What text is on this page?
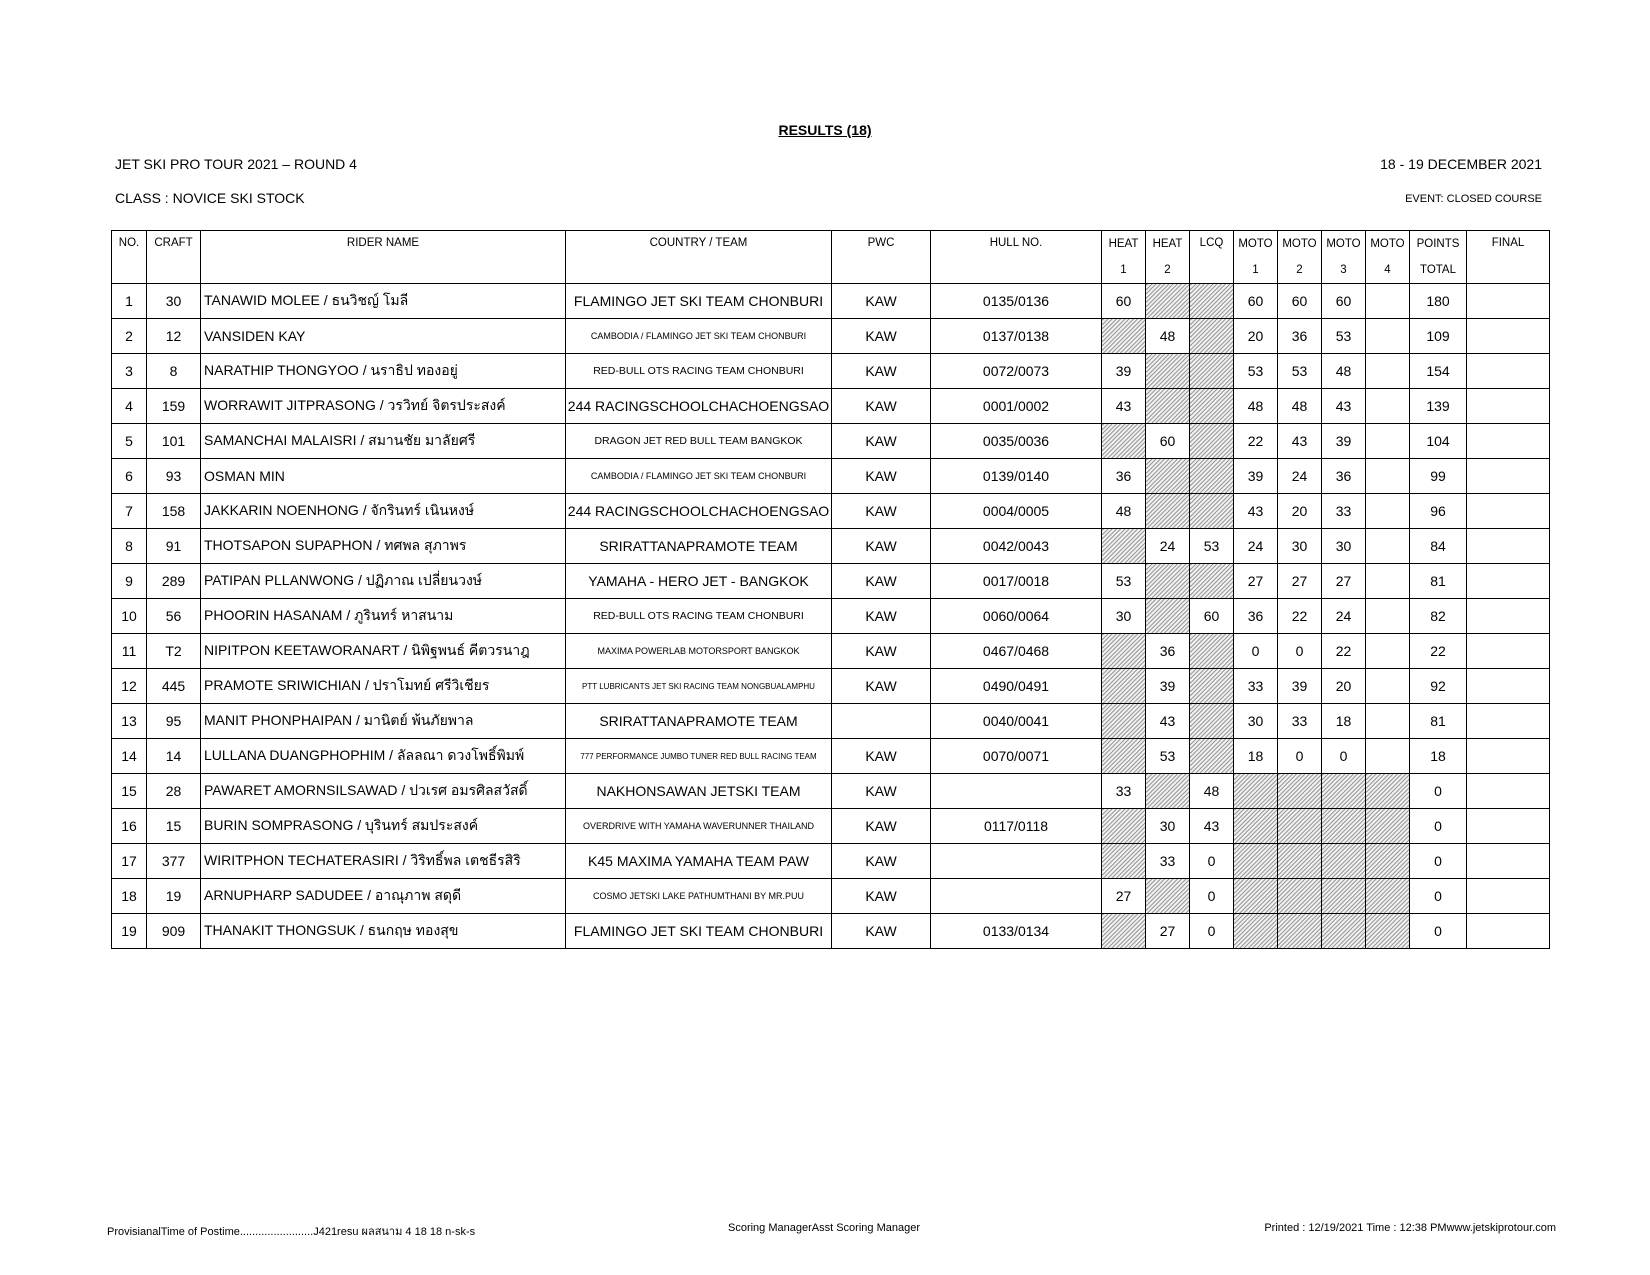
RESULTS (18)
JET SKI PRO TOUR 2021 – ROUND 4	18 - 19 DECEMBER 2021
CLASS : NOVICE SKI STOCK	EVENT: CLOSED COURSE
NO.	CRAFT	RIDER NAME	COUNTRY / TEAM	PWC	HULL NO.	HEAT	HEAT	LCQ	MOTO	MOTO	MOTO	MOTO	POINTS	FINAL
						1	2		1	2	3	4	TOTAL	
1	30	TANAWID MOLEE / ธนวิชญ์ โมลี	FLAMINGO JET SKI TEAM CHONBURI	KAW	0135/0136	60			60	60	60		180	
2	12	VANSIDEN KAY	CAMBODIA / FLAMINGO JET SKI TEAM CHONBURI	KAW	0137/0138		48		20	36	53		109	
3	8	NARATHIP THONGYOO / นราธิป ทองอยู่	RED-BULL OTS RACING TEAM CHONBURI	KAW	0072/0073	39			53	53	48		154	
4	159	WORRAWIT JITPRASONG / วรวิทย์ จิตรประสงค์	244 RACINGSCHOOLCHACHOENGSAO	KAW	0001/0002	43			48	48	43		139	
5	101	SAMANCHAI MALAISRI / สมานชัย มาลัยศรี	DRAGON JET RED BULL TEAM BANGKOK	KAW	0035/0036		60		22	43	39		104	
6	93	OSMAN MIN	CAMBODIA / FLAMINGO JET SKI TEAM CHONBURI	KAW	0139/0140	36			39	24	36		99	
7	158	JAKKARIN NOENHONG / จักรินทร์ เนินหงษ์	244 RACINGSCHOOLCHACHOENGSAO	KAW	0004/0005	48			43	20	33		96	
8	91	THOTSAPON SUPAPHON / ทศพล สุภาพร	SRIRATTANAPRAMOTE TEAM	KAW	0042/0043		24	53	24	30	30		84	
9	289	PATIPAN PLLANWONG / ปฏิภาณ เปลี่ยนวงษ์	YAMAHA - HERO JET - BANGKOK	KAW	0017/0018	53			27	27	27		81	
10	56	PHOORIN HASANAM / ภูรินทร์ หาสนาม	RED-BULL OTS RACING TEAM CHONBURI	KAW	0060/0064	30		60	36	22	24		82	
11	T2	NIPITPON KEETAWORANART / นิพิฐพนธ์ คีตวรนาฎ	MAXIMA POWERLAB MOTORSPORT BANGKOK	KAW	0467/0468		36		0	0	22		22	
12	445	PRAMOTE SRIWICHIAN / ปราโมทย์ ศรีวิเชียร	PTT LUBRICANTS JET SKI RACING TEAM NONGBUALAMPHU	KAW	0490/0491		39		33	39	20		92	
13	95	MANIT PHONPHAIPAN / มานิตย์ พ้นภัยพาล	SRIRATTANAPRAMOTE TEAM		0040/0041		43		30	33	18		81	
14	14	LULLANA DUANGPHOPHIM / ลัลลณา ดวงโพธิ์พิมพ์	777 PERFORMANCE JUMBO TUNER RED BULL RACING TEAM	KAW	0070/0071		53		18	0	0		18	
15	28	PAWARET AMORNSILSAWAD / ปวเรศ อมรศิลสวัสดิ์	NAKHONSAWAN JETSKI TEAM	KAW		33		48					0	
16	15	BURIN SOMPRASONG / บุรินทร์ สมประสงค์	OVERDRIVE WITH YAMAHA WAVERUNNER THAILAND	KAW	0117/0118		30	43					0	
17	377	WIRITPHON TECHATERASIRI / วิริทธิ์พล เตชธีรสิริ	K45 MAXIMA YAMAHA TEAM PAW	KAW			33	0					0	
18	19	ARNUPHARP SADUDEE / อาณุภาพ สดุดี	COSMO JETSKI LAKE PATHUMTHANI BY MR.PUU	KAW		27		0					0	
19	909	THANAKIT THONGSUK / ธนกฤษ ทองสุข	FLAMINGO JET SKI TEAM CHONBURI	KAW	0133/0134		27	0					0	
ProvisianalTime of Postime........................J421resu ผลสนาม 4 18 18 n-sk-s	Scoring ManagerAsst Scoring Manager	Printed : 12/19/2021 Time : 12:38 PMwww.jetskiprotour.com
